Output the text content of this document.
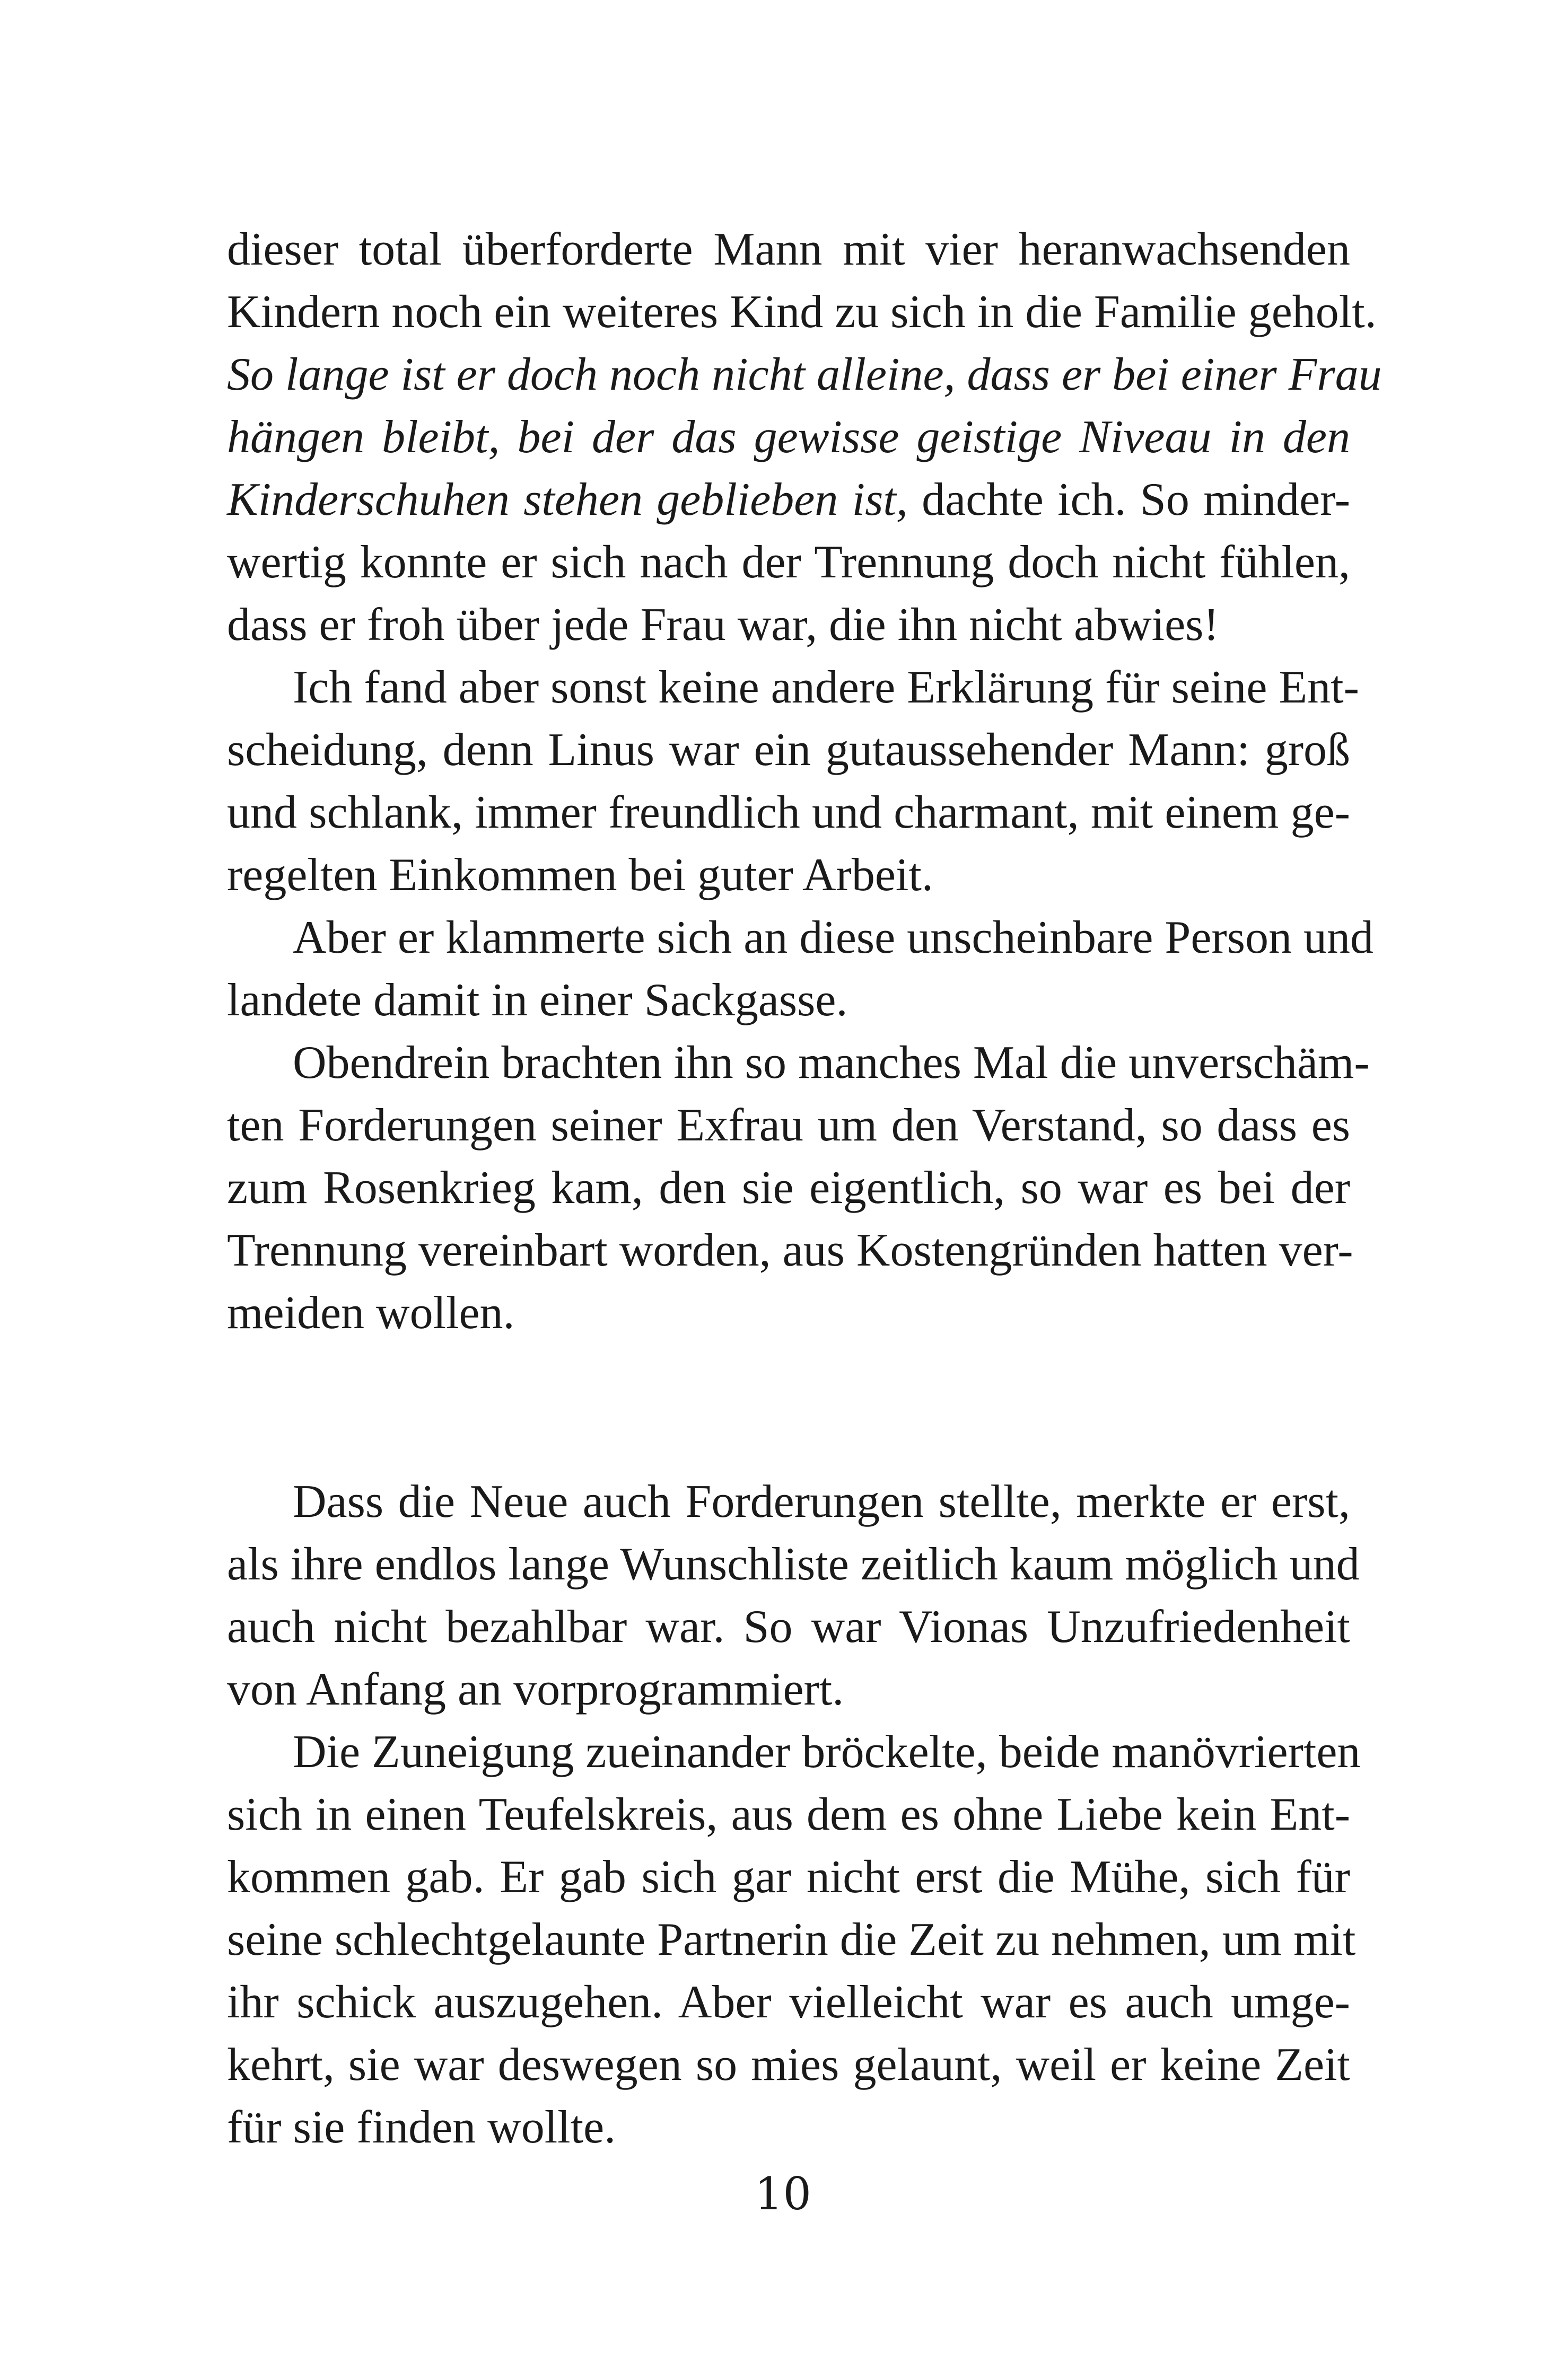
dieser total überforderte Mann mit vier heranwachsenden
Kindern noch ein weiteres Kind zu sich in die Familie geholt.
So lange ist er doch noch nicht alleine, dass er bei einer Frau
hängen bleibt, bei der das gewisse geistige Niveau in den
Kinderschuhen stehen geblieben ist, dachte ich. So minder-
wertig konnte er sich nach der Trennung doch nicht fühlen,
dass er froh über jede Frau war, die ihn nicht abwies!
Ich fand aber sonst keine andere Erklärung für seine Ent-
scheidung, denn Linus war ein gutaussehender Mann: groß
und schlank, immer freundlich und charmant, mit einem ge-
regelten Einkommen bei guter Arbeit.
Aber er klammerte sich an diese unscheinbare Person und
landete damit in einer Sackgasse.
Obendrein brachten ihn so manches Mal die unverschäm-
ten Forderungen seiner Exfrau um den Verstand, so dass es
zum Rosenkrieg kam, den sie eigentlich, so war es bei der
Trennung vereinbart worden, aus Kostengründen hatten ver-
meiden wollen.
Dass die Neue auch Forderungen stellte, merkte er erst,
als ihre endlos lange Wunschliste zeitlich kaum möglich und
auch nicht bezahlbar war. So war Vionas Unzufriedenheit
von Anfang an vorprogrammiert.
Die Zuneigung zueinander bröckelte, beide manövrierten
sich in einen Teufelskreis, aus dem es ohne Liebe kein Ent-
kommen gab. Er gab sich gar nicht erst die Mühe, sich für
seine schlechtgelaunte Partnerin die Zeit zu nehmen, um mit
ihr schick auszugehen. Aber vielleicht war es auch umge-
kehrt, sie war deswegen so mies gelaunt, weil er keine Zeit
für sie finden wollte.
10
